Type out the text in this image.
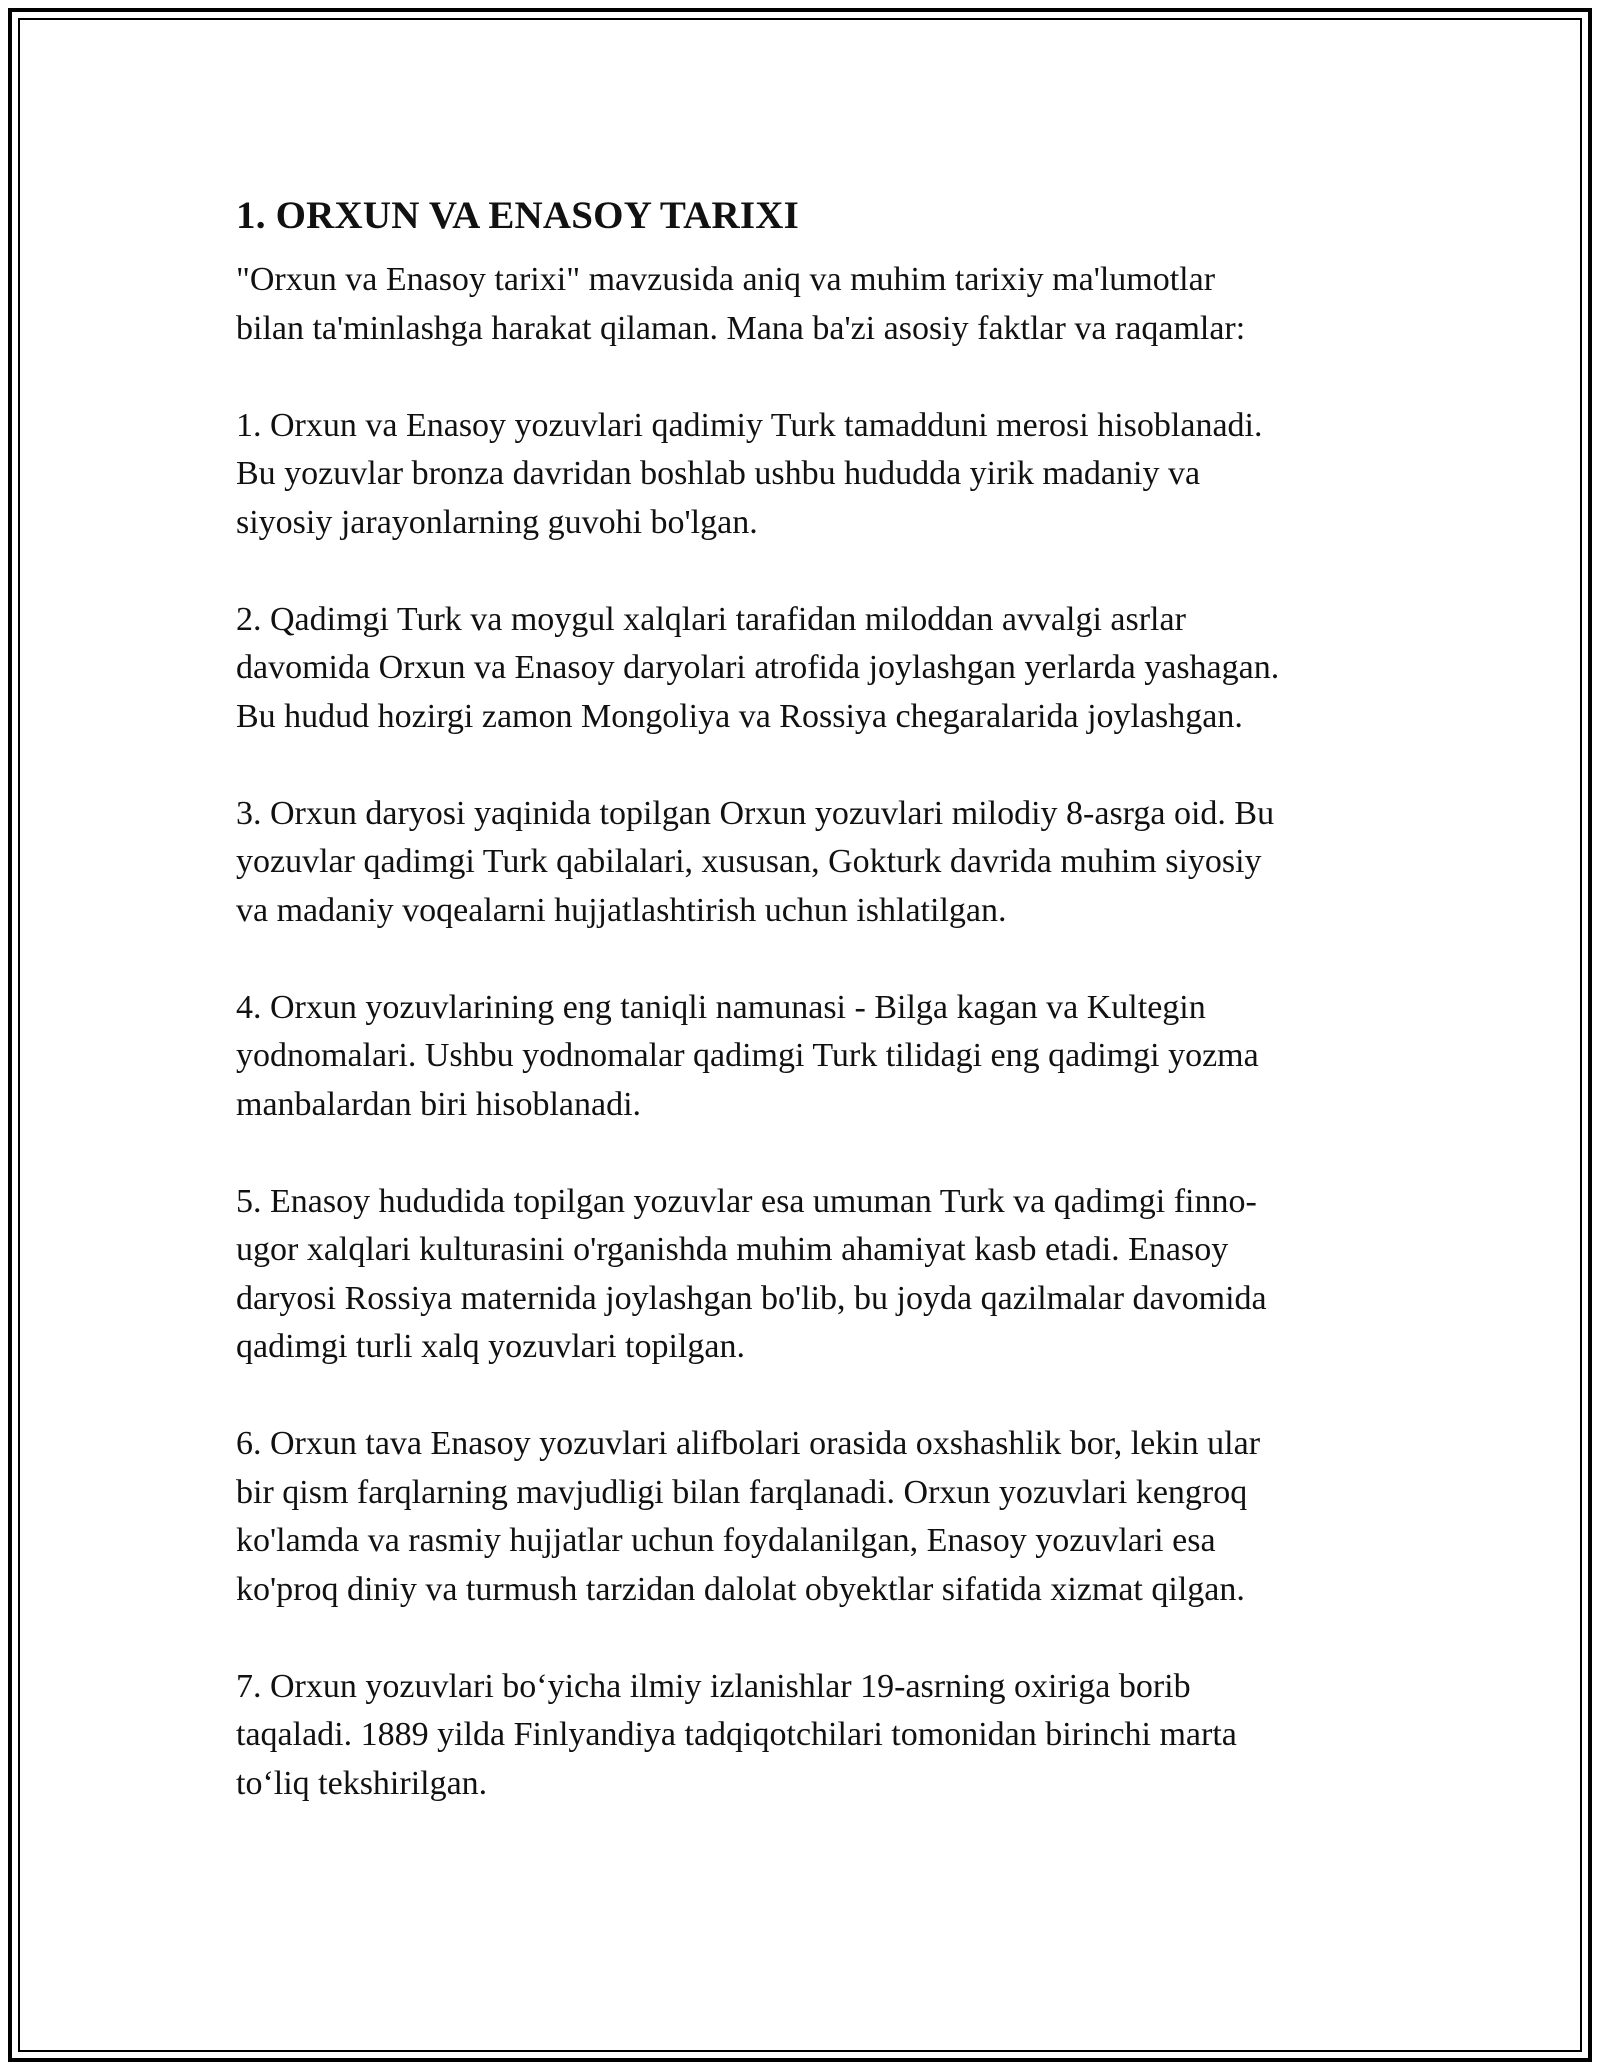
1. ORXUN VA ENASOY TARIXI

"Orxun va Enasoy tarixi" mavzusida aniq va muhim tarixiy ma'lumotlar
bilan ta'minlashga harakat qilaman. Mana ba'zi asosiy faktlar va raqamlar:

1. Orxun va Enasoy yozuvlari qadimiy Turk tamadduni merosi hisoblanadi.
Bu yozuvlar bronza davridan boshlab ushbu hududda yirik madaniy va
siyosiy jarayonlarning guvohi bo'lgan.

2. Qadimgi Turk va moygul xalqlari tarafidan miloddan avvalgi asrlar
davomida Orxun va Enasoy daryolari atrofida joylashgan yerlarda yashagan.
Bu hudud hozirgi zamon Mongoliya va Rossiya chegaralarida joylashgan.

3. Orxun daryosi yaqinida topilgan Orxun yozuvlari milodiy 8-asrga oid. Bu
yozuvlar qadimgi Turk qabilalari, xususan, Gokturk davrida muhim siyosiy
va madaniy voqealarni hujjatlashtirish uchun ishlatilgan.

4. Orxun yozuvlarining eng taniqli namunasi - Bilga kagan va Kultegin
yodnomalari. Ushbu yodnomalar qadimgi Turk tilidagi eng qadimgi yozma
manbalardan biri hisoblanadi.

5. Enasoy hududida topilgan yozuvlar esa umuman Turk va qadimgi finno-
ugor xalqlari kulturasini o'rganishda muhim ahamiyat kasb etadi. Enasoy
daryosi Rossiya maternida joylashgan bo'lib, bu joyda qazilmalar davomida
qadimgi turli xalq yozuvlari topilgan.

6. Orxun tava Enasoy yozuvlari alifbolari orasida oxshashlik bor, lekin ular
bir qism farqlarning mavjudligi bilan farqlanadi. Orxun yozuvlari kengroq
ko'lamda va rasmiy hujjatlar uchun foydalanilgan, Enasoy yozuvlari esa
ko'proq diniy va turmush tarzidan dalolat obyektlar sifatida xizmat qilgan.

7. Orxun yozuvlari bo‘yicha ilmiy izlanishlar 19-asrning oxiriga borib
taqaladi. 1889 yilda Finlyandiya tadqiqotchilari tomonidan birinchi marta
to‘liq tekshirilgan.
